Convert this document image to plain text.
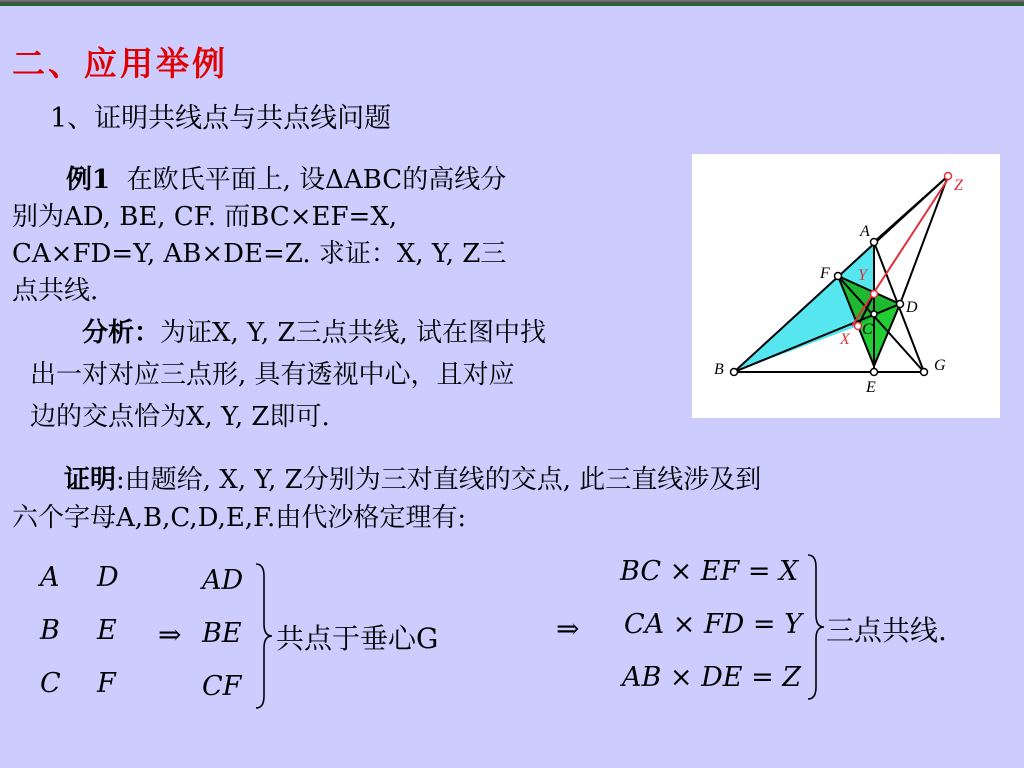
二、应用举例
1、证明共线点与共点线问题
例1 在欧氏平面上, 设ΔABC的高线分
别为AD, BE, CF. 而BC×EF=X,
CA×FD=Y, AB×DE=Z. 求证：X, Y, Z三
点共线.
分析：为证X, Y, Z三点共线, 试在图中找
出一对对应三点形, 具有透视中心，且对应
边的交点恰为X, Y, Z即可.
A
B
C
D
E
F
G
Z
Y
X
证明:由题给, X, Y, Z分别为三对直线的交点, 此三直线涉及到
六个字母A,B,C,D,E,F.由代沙格定理有:
A D
B E
C F
⇒
AD
BE
CF
共点于垂心G	⇒
BC × EF = X
CA × FD = Y
AB × DE = Z
三点共线.
